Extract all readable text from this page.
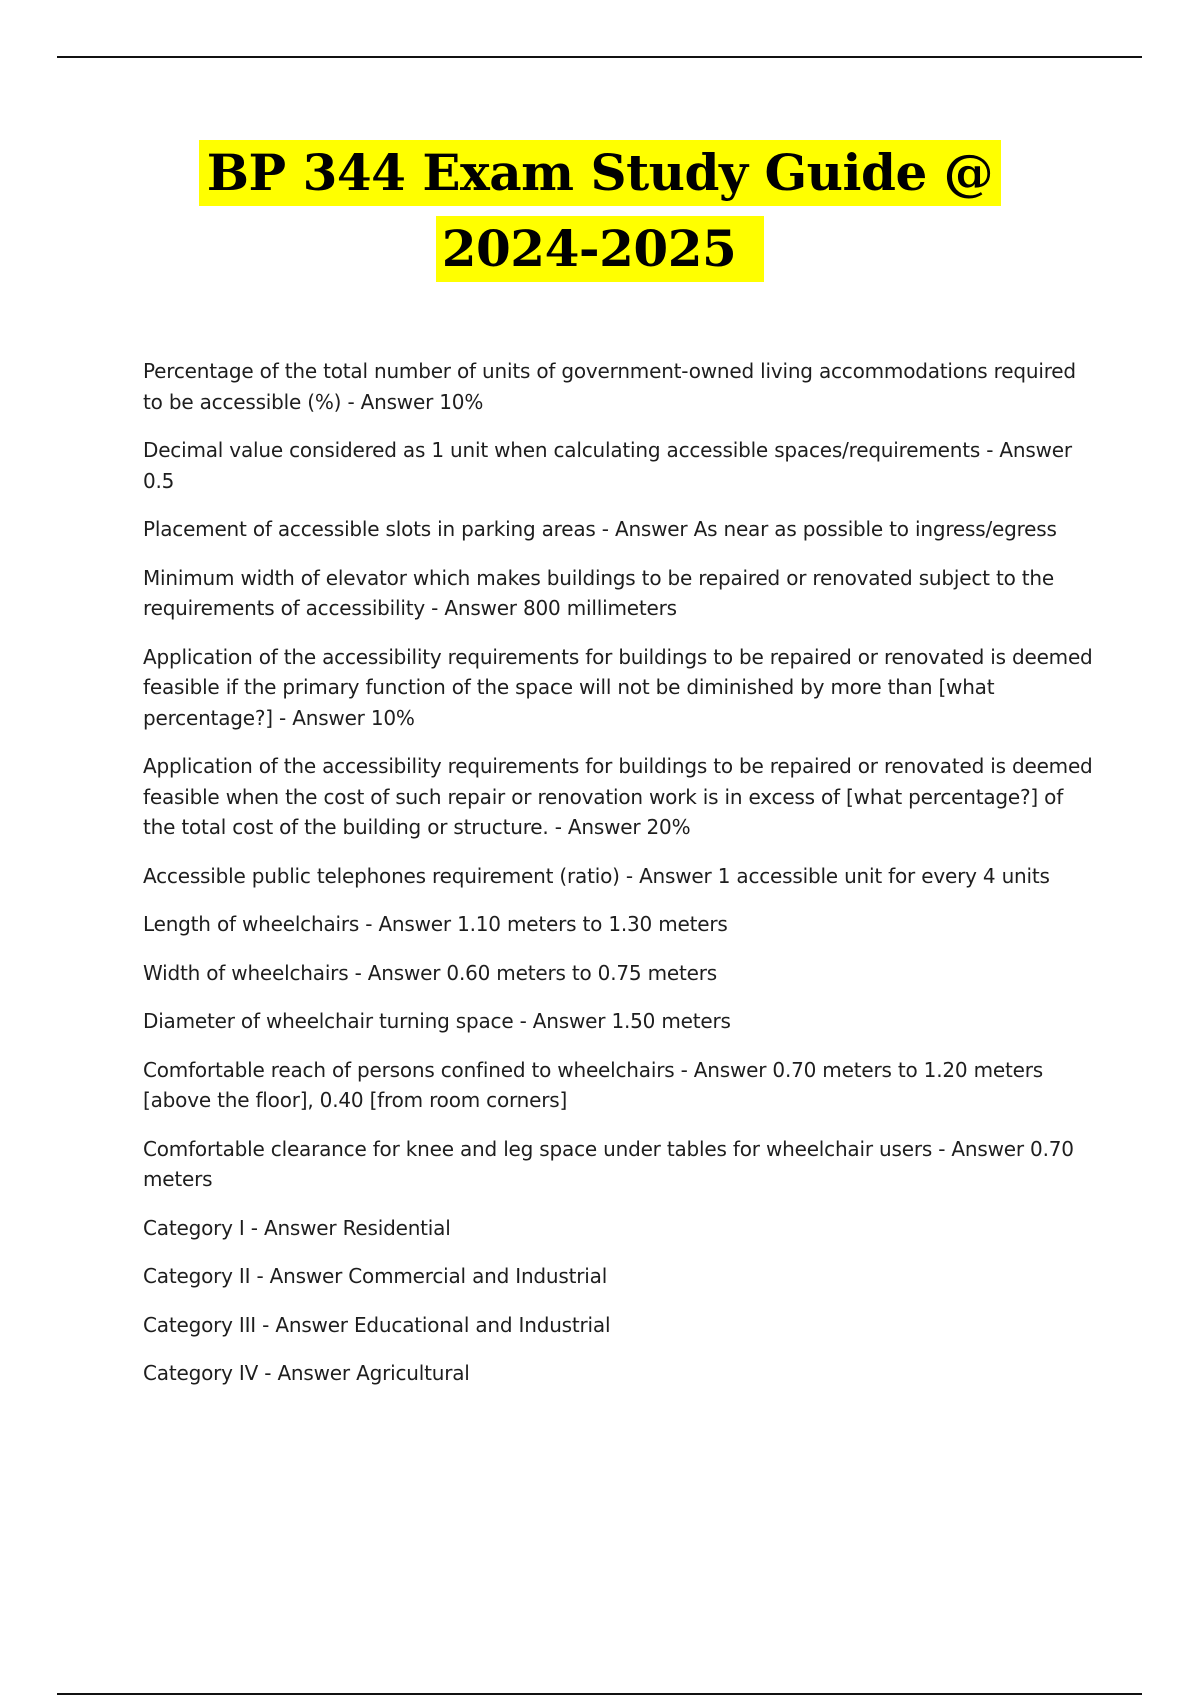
BP 344 Exam Study Guide @
2024-2025
Percentage of the total number of units of government-owned living accommodations required to be accessible (%) - Answer 10%
Decimal value considered as 1 unit when calculating accessible spaces/requirements - Answer 0.5
Placement of accessible slots in parking areas - Answer As near as possible to ingress/egress
Minimum width of elevator which makes buildings to be repaired or renovated subject to the requirements of accessibility - Answer 800 millimeters
Application of the accessibility requirements for buildings to be repaired or renovated is deemed feasible if the primary function of the space will not be diminished by more than [what percentage?] - Answer 10%
Application of the accessibility requirements for buildings to be repaired or renovated is deemed feasible when the cost of such repair or renovation work is in excess of [what percentage?] of the total cost of the building or structure. - Answer 20%
Accessible public telephones requirement (ratio) - Answer 1 accessible unit for every 4 units
Length of wheelchairs - Answer 1.10 meters to 1.30 meters
Width of wheelchairs - Answer 0.60 meters to 0.75 meters
Diameter of wheelchair turning space - Answer 1.50 meters
Comfortable reach of persons confined to wheelchairs - Answer 0.70 meters to 1.20 meters [above the floor], 0.40 [from room corners]
Comfortable clearance for knee and leg space under tables for wheelchair users - Answer 0.70 meters
Category I - Answer Residential
Category II - Answer Commercial and Industrial
Category III - Answer Educational and Industrial
Category IV - Answer Agricultural
